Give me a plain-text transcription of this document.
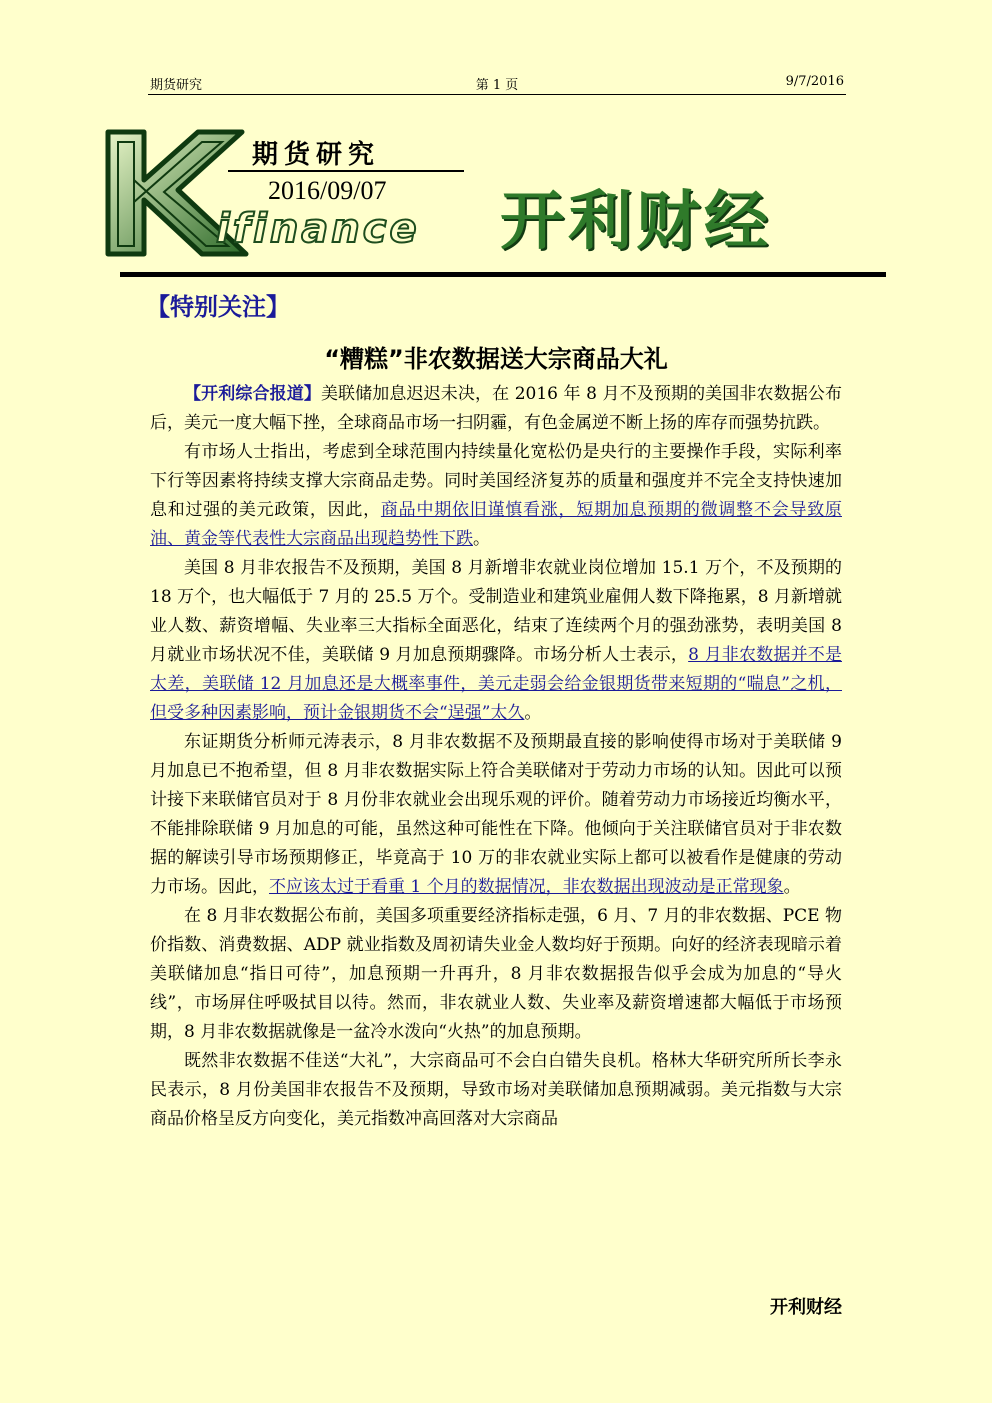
期货研究	第 1 页	9/7/2016
期货研究
2016/09/07
ifinance 开利财经
【特别关注】
“糟糕”非农数据送大宗商品大礼

【开利综合报道】美联储加息迟迟未决，在 2016 年 8 月不及预期的美国非农数据公布后，美元一度大幅下挫，全球商品市场一扫阴霾，有色金属逆不断上扬的库存而强势抗跌。

有市场人士指出，考虑到全球范围内持续量化宽松仍是央行的主要操作手段，实际利率下行等因素将持续支撑大宗商品走势。同时美国经济复苏的质量和强度并不完全支持快速加息和过强的美元政策，因此，商品中期依旧谨慎看涨，短期加息预期的微调整不会导致原油、黄金等代表性大宗商品出现趋势性下跌。

美国 8 月非农报告不及预期，美国 8 月新增非农就业岗位增加 15.1 万个，不及预期的 18 万个，也大幅低于 7 月的 25.5 万个。受制造业和建筑业雇佣人数下降拖累，8 月新增就业人数、薪资增幅、失业率三大指标全面恶化，结束了连续两个月的强劲涨势，表明美国 8 月就业市场状况不佳，美联储 9 月加息预期骤降。市场分析人士表示，8 月非农数据并不是太差，美联储 12 月加息还是大概率事件，美元走弱会给金银期货带来短期的“喘息”之机，但受多种因素影响，预计金银期货不会“逞强”太久。

东证期货分析师元涛表示，8 月非农数据不及预期最直接的影响使得市场对于美联储 9 月加息已不抱希望，但 8 月非农数据实际上符合美联储对于劳动力市场的认知。因此可以预计接下来联储官员对于 8 月份非农就业会出现乐观的评价。随着劳动力市场接近均衡水平，不能排除联储 9 月加息的可能，虽然这种可能性在下降。他倾向于关注联储官员对于非农数据的解读引导市场预期修正，毕竟高于 10 万的非农就业实际上都可以被看作是健康的劳动力市场。因此，不应该太过于看重 1 个月的数据情况，非农数据出现波动是正常现象。

在 8 月非农数据公布前，美国多项重要经济指标走强，6 月、7 月的非农数据、PCE 物价指数、消费数据、ADP 就业指数及周初请失业金人数均好于预期。向好的经济表现暗示着美联储加息“指日可待”，加息预期一升再升，8 月非农数据报告似乎会成为加息的“导火线”，市场屏住呼吸拭目以待。然而，非农就业人数、失业率及薪资增速都大幅低于市场预期，8 月非农数据就像是一盆冷水泼向“火热”的加息预期。

既然非农数据不佳送“大礼”，大宗商品可不会白白错失良机。格林大华研究所所长李永民表示，8 月份美国非农报告不及预期，导致市场对美联储加息预期减弱。美元指数与大宗商品价格呈反方向变化，美元指数冲高回落对大宗商品

开利财经
